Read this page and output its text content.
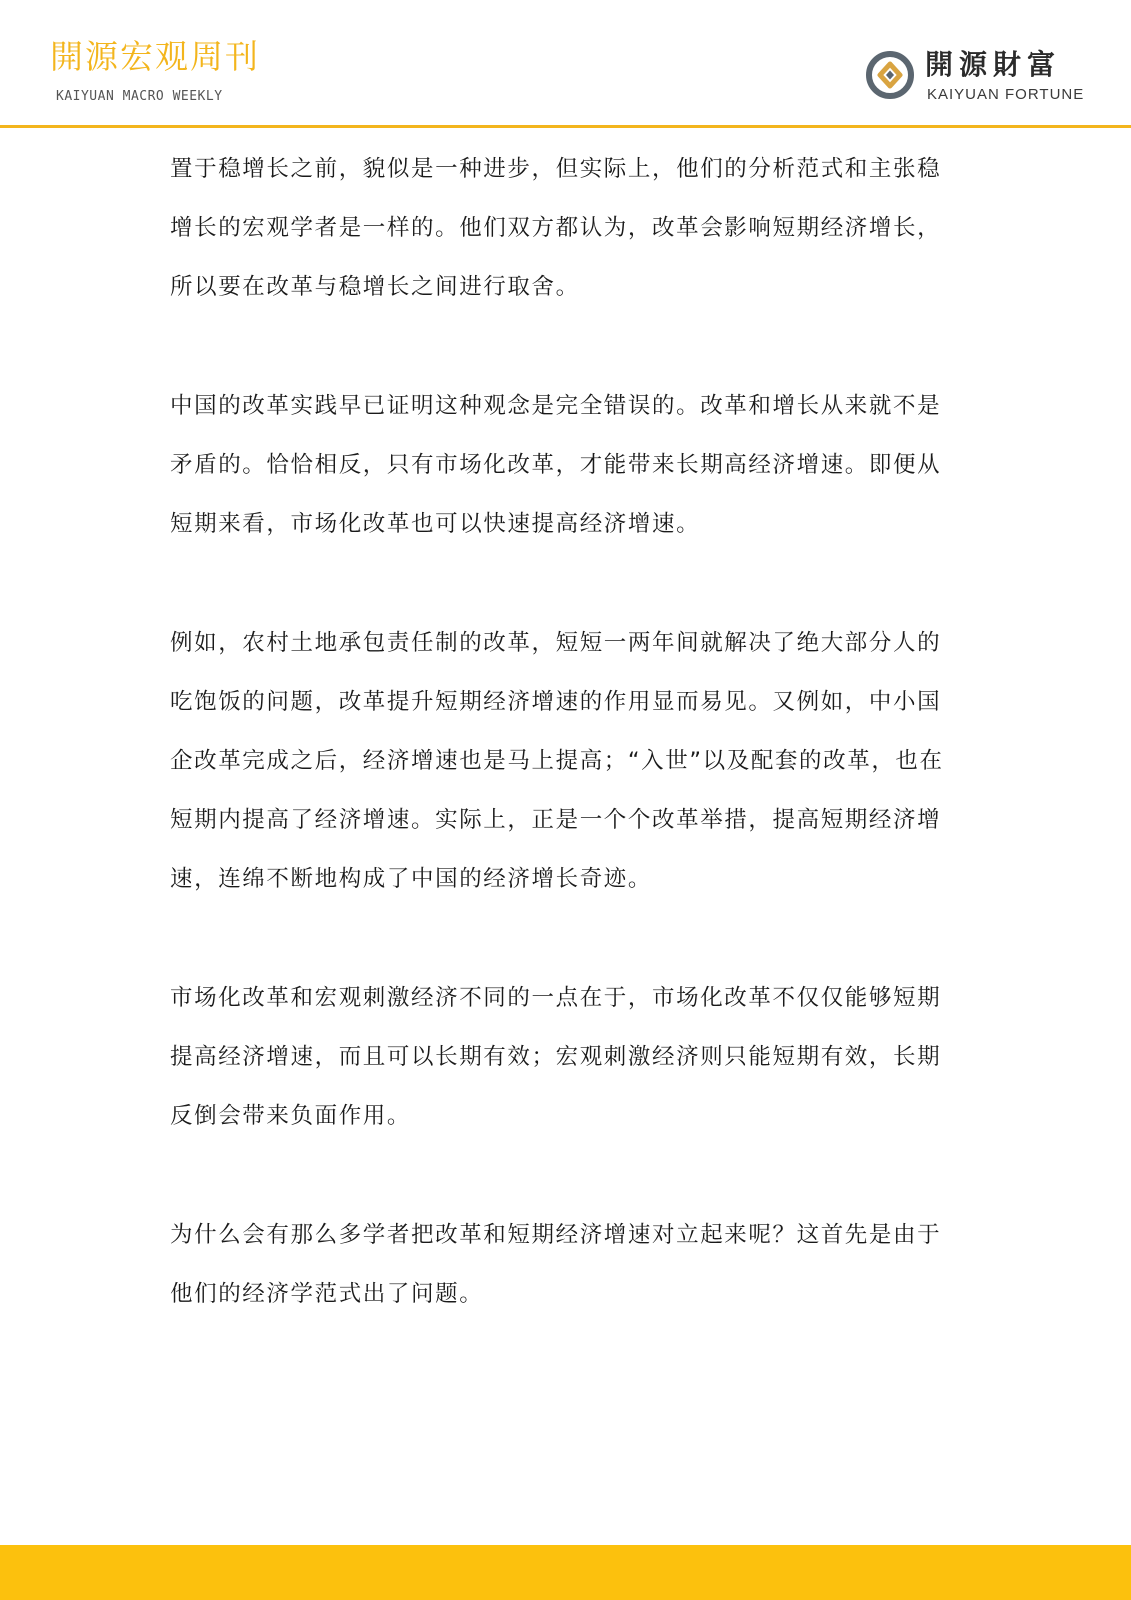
開源宏观周刊
KAIYUAN MACRO WEEKLY
開源財富
KAIYUAN FORTUNE

置于稳增长之前，貌似是一种进步，但实际上，他们的分析范式和主张稳增长的宏观学者是一样的。他们双方都认为，改革会影响短期经济增长，所以要在改革与稳增长之间进行取舍。

中国的改革实践早已证明这种观念是完全错误的。改革和增长从来就不是矛盾的。恰恰相反，只有市场化改革，才能带来长期高经济增速。即便从短期来看，市场化改革也可以快速提高经济增速。

例如，农村土地承包责任制的改革，短短一两年间就解决了绝大部分人的吃饱饭的问题，改革提升短期经济增速的作用显而易见。又例如，中小国企改革完成之后，经济增速也是马上提高；“入世”以及配套的改革，也在短期内提高了经济增速。实际上，正是一个个改革举措，提高短期经济增速，连绵不断地构成了中国的经济增长奇迹。

市场化改革和宏观刺激经济不同的一点在于，市场化改革不仅仅能够短期提高经济增速，而且可以长期有效；宏观刺激经济则只能短期有效，长期反倒会带来负面作用。

为什么会有那么多学者把改革和短期经济增速对立起来呢？这首先是由于他们的经济学范式出了问题。
